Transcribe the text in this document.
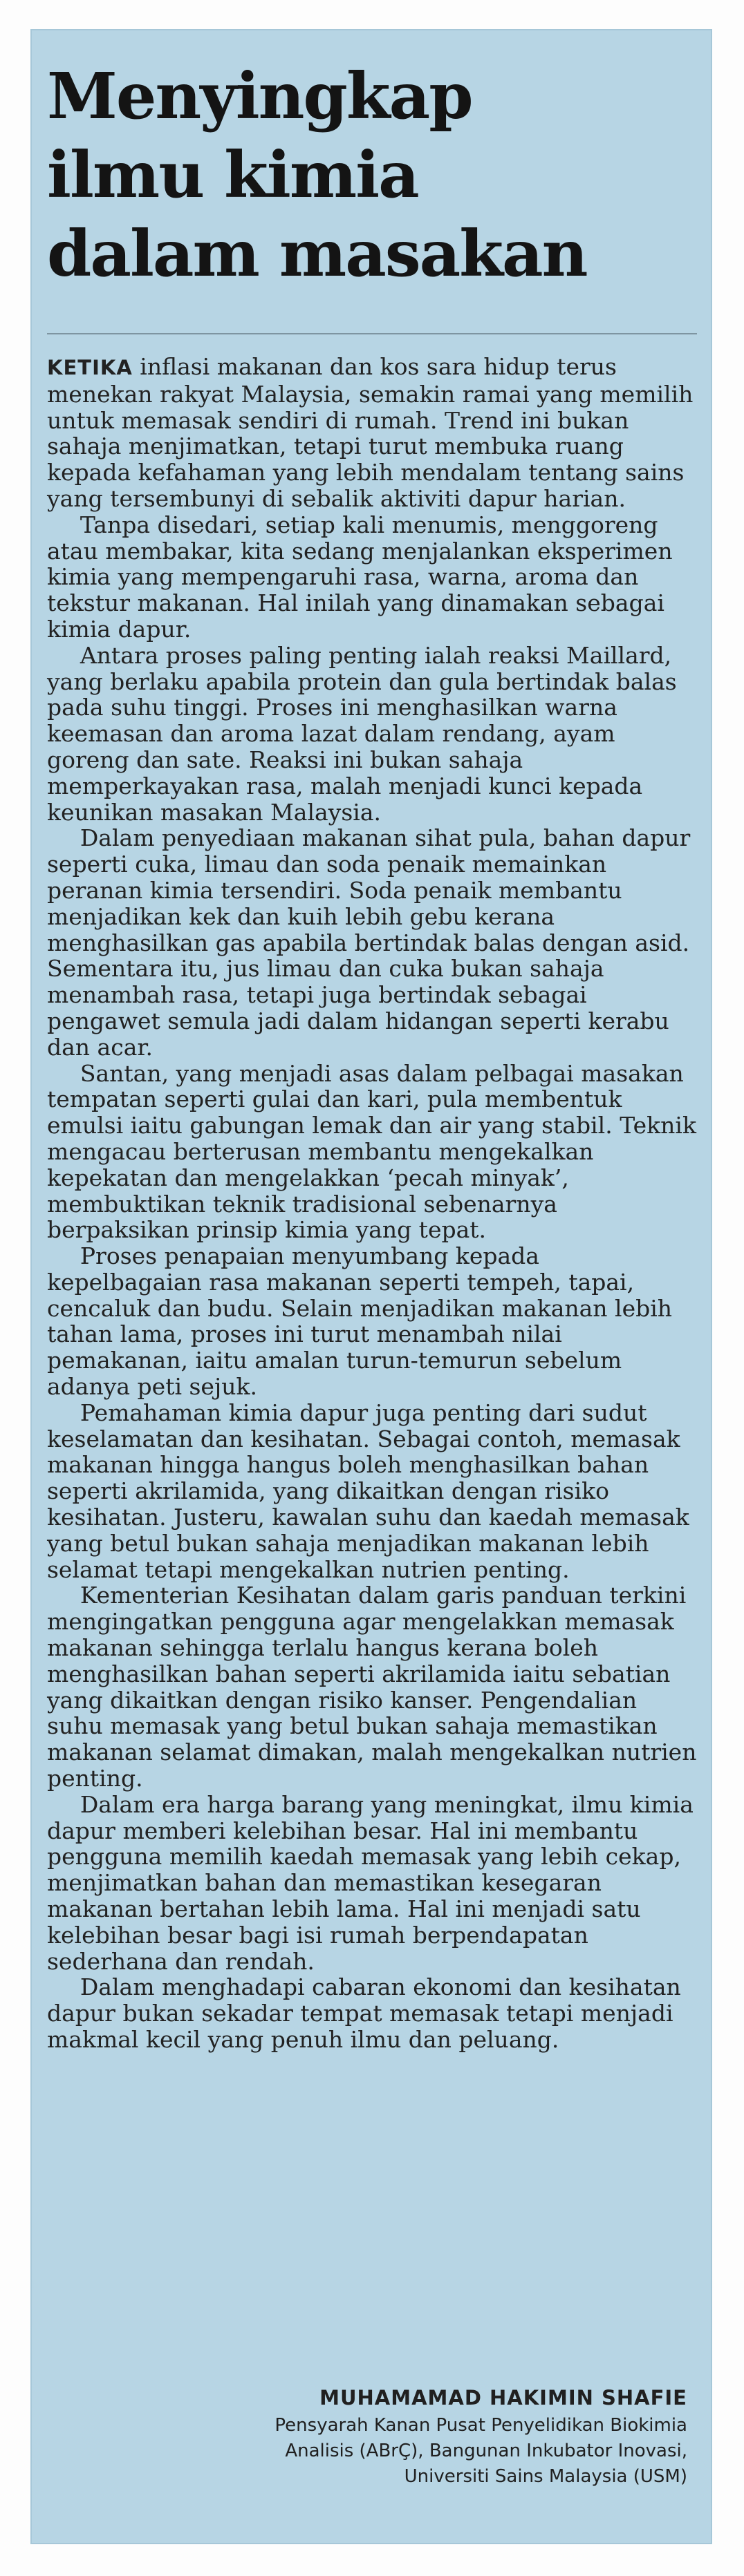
Menyingkap
ilmu kimia
dalam masakan

KETIKA inflasi makanan dan kos sara hidup terus menekan rakyat Malaysia, semakin ramai yang memilih untuk memasak sendiri di rumah. Trend ini bukan sahaja menjimatkan, tetapi turut membuka ruang kepada kefahaman yang lebih mendalam tentang sains yang tersembunyi di sebalik aktiviti dapur harian.

Tanpa disedari, setiap kali menumis, menggoreng atau membakar, kita sedang menjalankan eksperimen kimia yang mempengaruhi rasa, warna, aroma dan tekstur makanan. Hal inilah yang dinamakan sebagai kimia dapur.

Antara proses paling penting ialah reaksi Maillard, yang berlaku apabila protein dan gula bertindak balas pada suhu tinggi. Proses ini menghasilkan warna keemasan dan aroma lazat dalam rendang, ayam goreng dan sate. Reaksi ini bukan sahaja memperkayakan rasa, malah menjadi kunci kepada keunikan masakan Malaysia.

Dalam penyediaan makanan sihat pula, bahan dapur seperti cuka, limau dan soda penaik memainkan peranan kimia tersendiri. Soda penaik membantu menjadikan kek dan kuih lebih gebu kerana menghasilkan gas apabila bertindak balas dengan asid. Sementara itu, jus limau dan cuka bukan sahaja menambah rasa, tetapi juga bertindak sebagai pengawet semula jadi dalam hidangan seperti kerabu dan acar.

Santan, yang menjadi asas dalam pelbagai masakan tempatan seperti gulai dan kari, pula membentuk emulsi iaitu gabungan lemak dan air yang stabil. Teknik mengacau berterusan membantu mengekalkan kepekatan dan mengelakkan ‘pecah minyak’, membuktikan teknik tradisional sebenarnya berpaksikan prinsip kimia yang tepat.

Proses penapaian menyumbang kepada kepelbagaian rasa makanan seperti tempeh, tapai, cencaluk dan budu. Selain menjadikan makanan lebih tahan lama, proses ini turut menambah nilai pemakanan, iaitu amalan turun-temurun sebelum adanya peti sejuk.

Pemahaman kimia dapur juga penting dari sudut keselamatan dan kesihatan. Sebagai contoh, memasak makanan hingga hangus boleh menghasilkan bahan seperti akrilamida, yang dikaitkan dengan risiko kesihatan. Justeru, kawalan suhu dan kaedah memasak yang betul bukan sahaja menjadikan makanan lebih selamat tetapi mengekalkan nutrien penting.

Kementerian Kesihatan dalam garis panduan terkini mengingatkan pengguna agar mengelakkan memasak makanan sehingga terlalu hangus kerana boleh menghasilkan bahan seperti akrilamida iaitu sebatian yang dikaitkan dengan risiko kanser. Pengendalian suhu memasak yang betul bukan sahaja memastikan makanan selamat dimakan, malah mengekalkan nutrien penting.

Dalam era harga barang yang meningkat, ilmu kimia dapur memberi kelebihan besar. Hal ini membantu pengguna memilih kaedah memasak yang lebih cekap, menjimatkan bahan dan memastikan kesegaran makanan bertahan lebih lama. Hal ini menjadi satu kelebihan besar bagi isi rumah berpendapatan sederhana dan rendah.

Dalam menghadapi cabaran ekonomi dan kesihatan dapur bukan sekadar tempat memasak tetapi menjadi makmal kecil yang penuh ilmu dan peluang.

MUHAMAMAD HAKIMIN SHAFIE
Pensyarah Kanan Pusat Penyelidikan Biokimia
Analisis (ABrÇ), Bangunan Inkubator Inovasi,
Universiti Sains Malaysia (USM)
